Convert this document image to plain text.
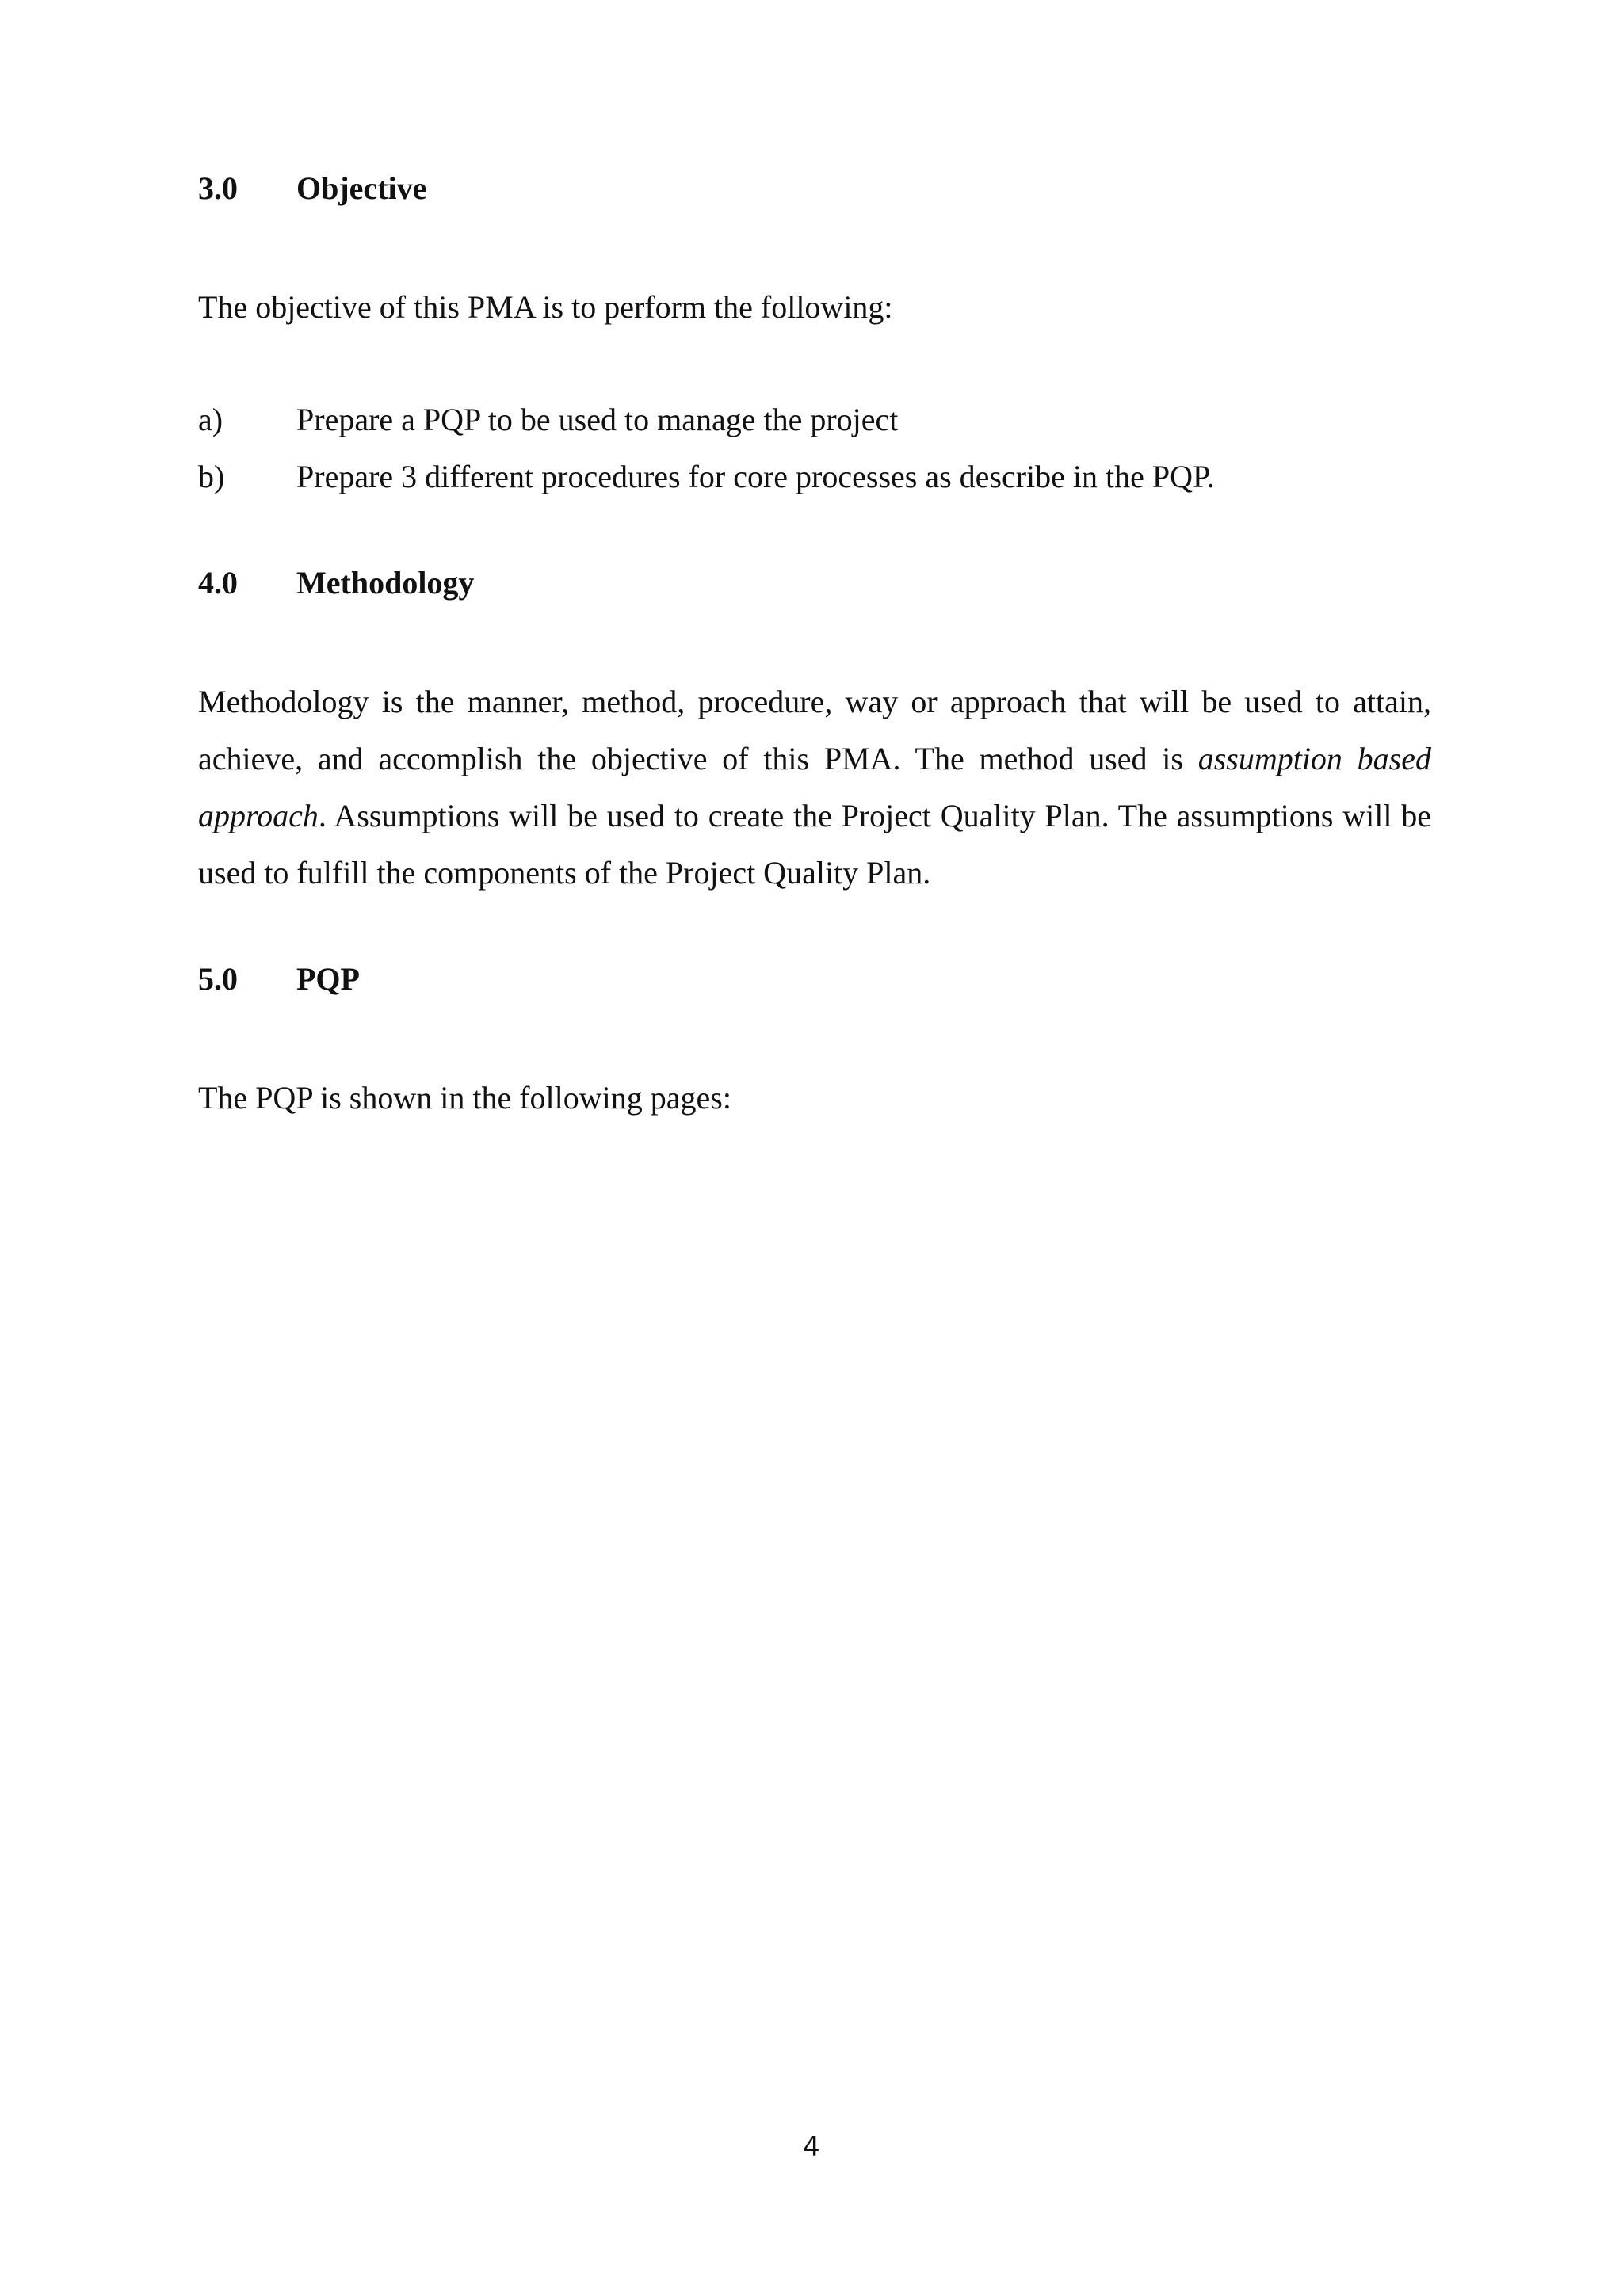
3.0	Objective

The objective of this PMA is to perform the following:

a)	Prepare a PQP to be used to manage the project
b)	Prepare 3 different procedures for core processes as describe in the PQP.
4.0	Methodology

Methodology is the manner, method, procedure, way or approach that will be used to attain, achieve, and accomplish the objective of this PMA. The method used is assumption based approach. Assumptions will be used to create the Project Quality Plan. The assumptions will be used to fulfill the components of the Project Quality Plan.

5.0	PQP

The PQP is shown in the following pages:

4
